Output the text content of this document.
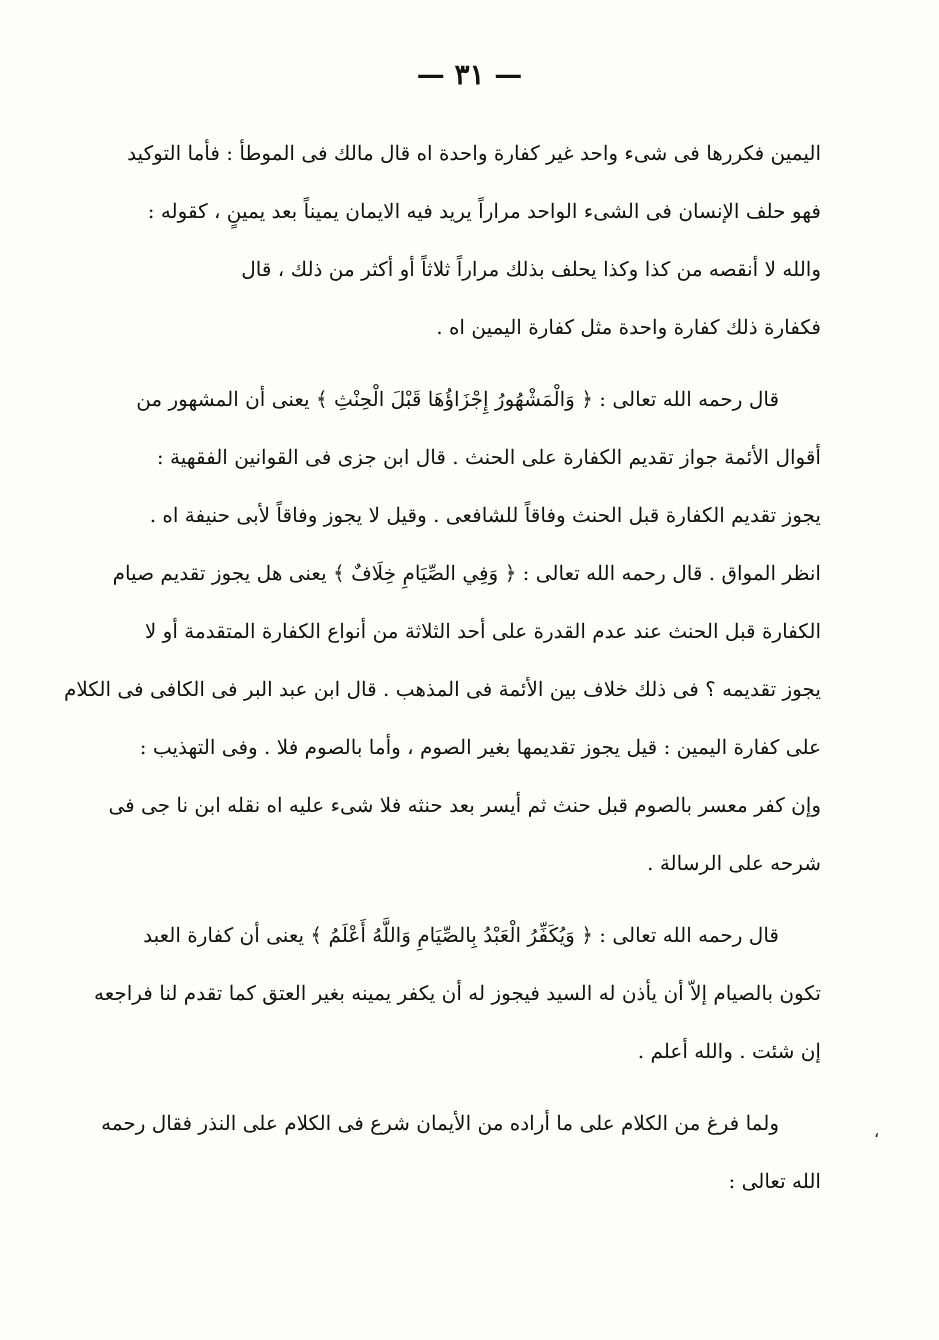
— ٣١ —
اليمين فكررها فى شىء واحد غير كفارة واحدة اه قال مالك فى الموطأ : فأما التوكيد
فهو حلف الإنسان فى الشىء الواحد مراراً يريد فيه الايمان يميناً بعد يمينٍ ، كقوله :
والله لا أنقصه من كذا وكذا يحلف بذلك مراراً ثلاثاً أو أكثر من ذلك ، قال
فكفارة ذلك كفارة واحدة مثل كفارة اليمين اه .
قال رحمه الله تعالى : ﴿ وَالْمَشْهُورُ إِجْزَاؤُهَا قَبْلَ الْحِنْثِ ﴾ يعنى أن المشهور من
أقوال الأئمة جواز تقديم الكفارة على الحنث . قال ابن جزى فى القوانين الفقهية :
يجوز تقديم الكفارة قبل الحنث وفاقاً للشافعى . وقيل لا يجوز وفاقاً لأبى حنيفة اه .
انظر المواق . قال رحمه الله تعالى : ﴿ وَفِي الصِّيَامِ خِلَافٌ ﴾ يعنى هل يجوز تقديم صيام
الكفارة قبل الحنث عند عدم القدرة على أحد الثلاثة من أنواع الكفارة المتقدمة أو لا
يجوز تقديمه ؟ فى ذلك خلاف بين الأئمة فى المذهب . قال ابن عبد البر فى الكافى فى الكلام
على كفارة اليمين : قيل يجوز تقديمها بغير الصوم ، وأما بالصوم فلا . وفى التهذيب :
وإن كفر معسر بالصوم قبل حنث ثم أيسر بعد حنثه فلا شىء عليه اه نقله ابن نا جى فى
شرحه على الرسالة .
قال رحمه الله تعالى : ﴿ وَيُكَفِّرُ الْعَبْدُ بِالصِّيَامِ وَاللَّهُ أَعْلَمُ ﴾ يعنى أن كفارة العبد
تكون بالصيام إلاّ أن يأذن له السيد فيجوز له أن يكفر يمينه بغير العتق كما تقدم لنا فراجعه
إن شئت . والله أعلم .
ولما فرغ من الكلام على ما أراده من الأيمان شرع فى الكلام على النذر فقال رحمه
الله تعالى :
،
